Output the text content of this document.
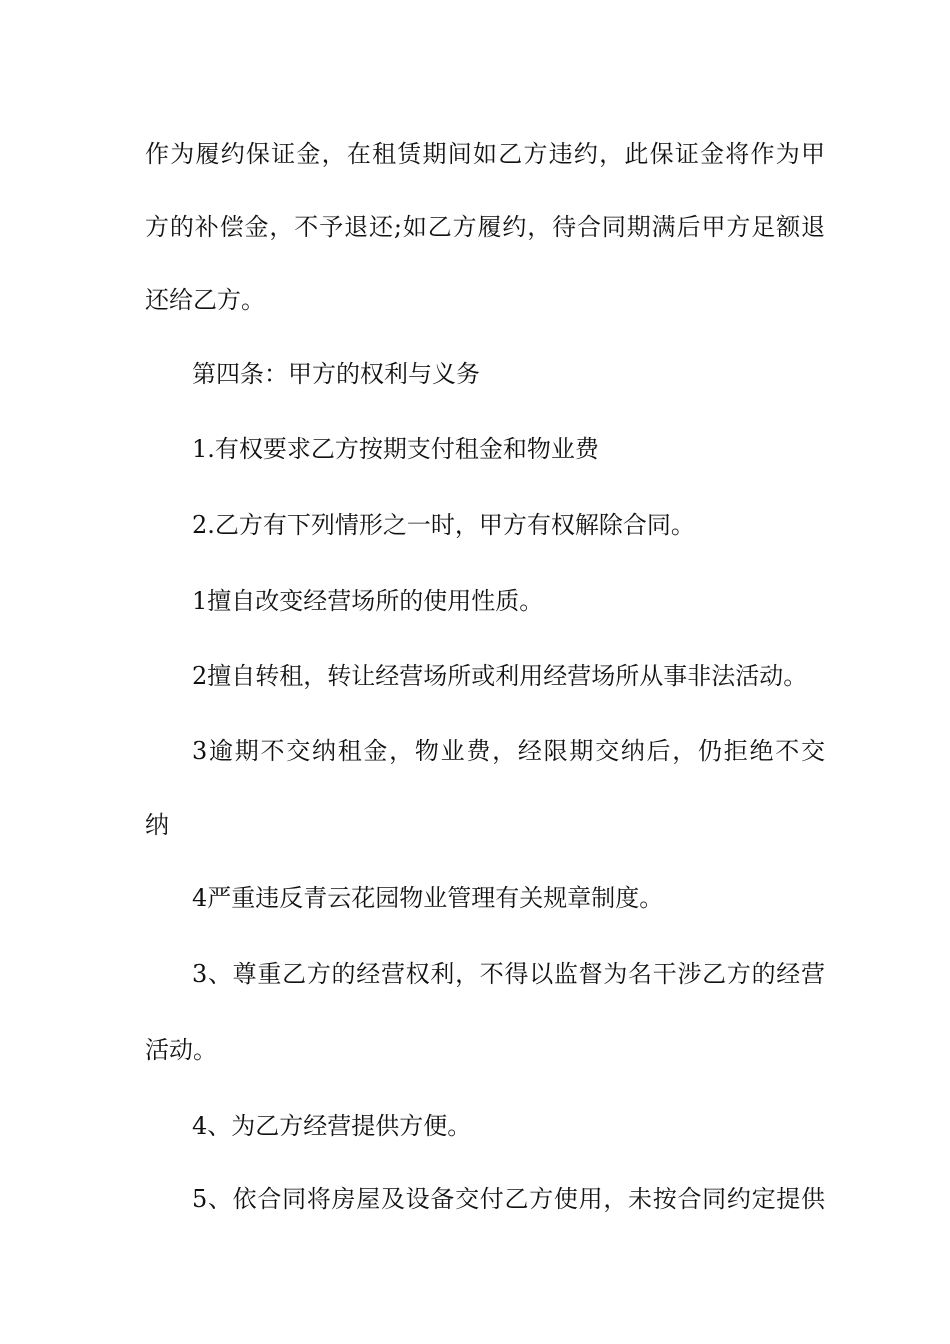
作为履约保证金，在租赁期间如乙方违约，此保证金将作为甲
方的补偿金，不予退还;如乙方履约，待合同期满后甲方足额退
还给乙方。
第四条：甲方的权利与义务
1.有权要求乙方按期支付租金和物业费
2.乙方有下列情形之一时，甲方有权解除合同。
1擅自改变经营场所的使用性质。
2擅自转租，转让经营场所或利用经营场所从事非法活动。
3逾期不交纳租金，物业费，经限期交纳后，仍拒绝不交
纳
4严重违反青云花园物业管理有关规章制度。
3、尊重乙方的经营权利，不得以监督为名干涉乙方的经营
活动。
4、为乙方经营提供方便。
5、依合同将房屋及设备交付乙方使用，未按合同约定提供
